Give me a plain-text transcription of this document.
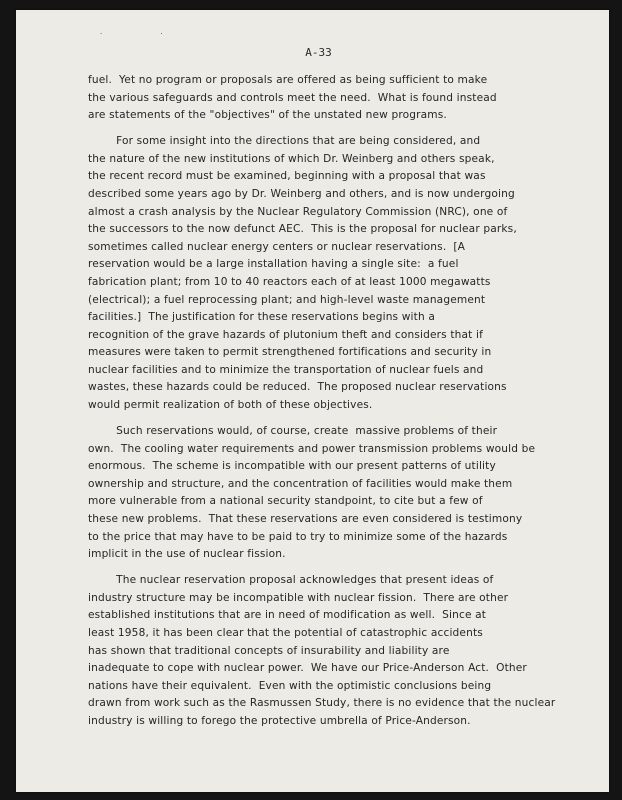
. .
A-33
fuel.  Yet no program or proposals are offered as being sufficient to make
the various safeguards and controls meet the need.  What is found instead
are statements of the "objectives" of the unstated new programs.
For some insight into the directions that are being considered, and
the nature of the new institutions of which Dr. Weinberg and others speak,
the recent record must be examined, beginning with a proposal that was
described some years ago by Dr. Weinberg and others, and is now undergoing
almost a crash analysis by the Nuclear Regulatory Commission (NRC), one of
the successors to the now defunct AEC.  This is the proposal for nuclear parks,
sometimes called nuclear energy centers or nuclear reservations.  [A
reservation would be a large installation having a single site:  a fuel
fabrication plant; from 10 to 40 reactors each of at least 1000 megawatts
(electrical); a fuel reprocessing plant; and high-level waste management
facilities.]  The justification for these reservations begins with a
recognition of the grave hazards of plutonium theft and considers that if
measures were taken to permit strengthened fortifications and security in
nuclear facilities and to minimize the transportation of nuclear fuels and
wastes, these hazards could be reduced.  The proposed nuclear reservations
would permit realization of both of these objectives.
Such reservations would, of course, create  massive problems of their
own.  The cooling water requirements and power transmission problems would be
enormous.  The scheme is incompatible with our present patterns of utility
ownership and structure, and the concentration of facilities would make them
more vulnerable from a national security standpoint, to cite but a few of
these new problems.  That these reservations are even considered is testimony
to the price that may have to be paid to try to minimize some of the hazards
implicit in the use of nuclear fission.
The nuclear reservation proposal acknowledges that present ideas of
industry structure may be incompatible with nuclear fission.  There are other
established institutions that are in need of modification as well.  Since at
least 1958, it has been clear that the potential of catastrophic accidents
has shown that traditional concepts of insurability and liability are
inadequate to cope with nuclear power.  We have our Price-Anderson Act.  Other
nations have their equivalent.  Even with the optimistic conclusions being
drawn from work such as the Rasmussen Study, there is no evidence that the nuclear
industry is willing to forego the protective umbrella of Price-Anderson.
